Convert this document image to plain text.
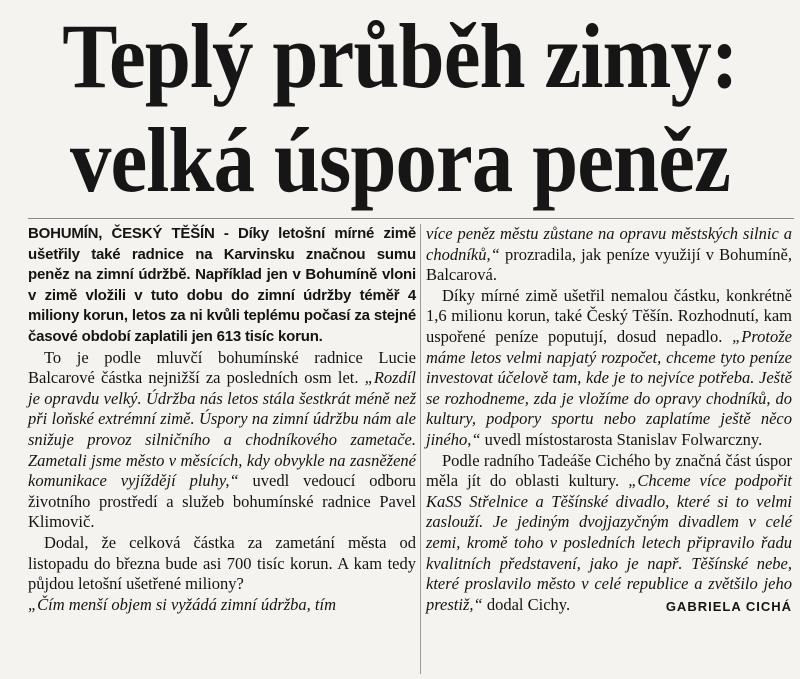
Teplý průběh zimy:
velká úspora peněz

BOHUMÍN, ČESKÝ TĚŠÍN - Díky letošní mírné zimě ušetřily také radnice na Karvinsku značnou sumu peněz na zimní údržbě. Například jen v Bohumíně vloni v zimě vložili v tuto dobu do zimní údržby téměř 4 miliony korun, letos za ni kvůli teplému počasí za stejné časové období zaplatili jen 613 tisíc korun.

To je podle mluvčí bohumínské radnice Lucie Balcarové částka nejnižší za posledních osm let. „Rozdíl je opravdu velký. Údržba nás letos stála šestkrát méně než při loňské extrémní zimě. Úspory na zimní údržbu nám ale snižuje provoz silničního a chodníkového zametače. Zametali jsme město v měsících, kdy obvykle na zasněžené komunikace vyjíždějí pluhy,“ uvedl vedoucí odboru životního prostředí a služeb bohumínské radnice Pavel Klimovič.

Dodal, že celková částka za zametání města od listopadu do března bude asi 700 tisíc korun. A kam tedy půjdou letošní ušetřené miliony?

„Čím menší objem si vyžádá zimní údržba, tím

více peněz městu zůstane na opravu městských silnic a chodníků,“ prozradila, jak peníze využijí v Bohumíně, Balcarová.

Díky mírné zimě ušetřil nemalou částku, konkrétně 1,6 milionu korun, také Český Těšín. Rozhodnutí, kam uspořené peníze poputují, dosud nepadlo. „Protože máme letos velmi napjatý rozpočet, chceme tyto peníze investovat účelově tam, kde je to nejvíce potřeba. Ještě se rozhodneme, zda je vložíme do opravy chodníků, do kultury, podpory sportu nebo zaplatíme ještě něco jiného,“ uvedl místostarosta Stanislav Folwarczny.

Podle radního Tadeáše Cichého by značná část úspor měla jít do oblasti kultury. „Chceme více podpořit KaSS Střelnice a Těšínské divadlo, které si to velmi zaslouží. Je jediným dvojjazyčným divadlem v celé zemi, kromě toho v posledních letech připravilo řadu kvalitních představení, jako je např. Těšínské nebe, které proslavilo město v celé republice a zvětšilo jeho prestiž,“ dodal Cichy.	GABRIELA CICHÁ
